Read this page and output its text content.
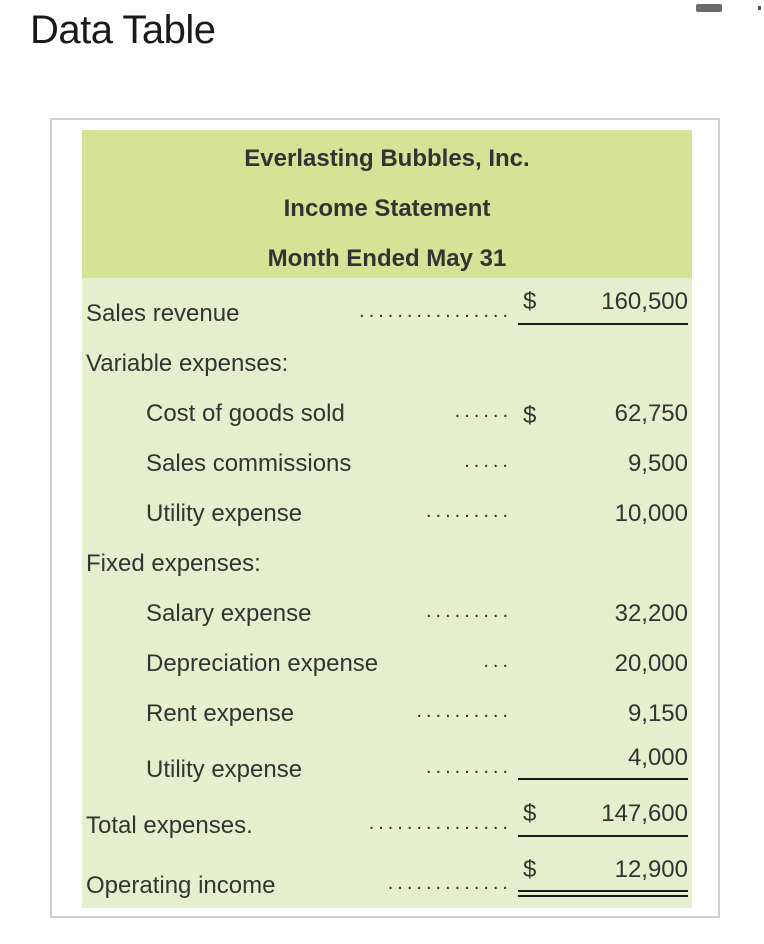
Data Table
Everlasting Bubbles, Inc.
Income Statement
Month Ended May 31
Sales revenue	................ $	160,500
Variable expenses:
Cost of goods sold	...... $	62,750
Sales commissions	.....	9,500
Utility expense	.........	10,000
Fixed expenses:
Salary expense	.........	32,200
Depreciation expense	...	20,000
Rent expense	..........	9,150
Utility expense	.........	4,000
Total expenses.	............... $	147,600
Operating income	............. $	12,900
